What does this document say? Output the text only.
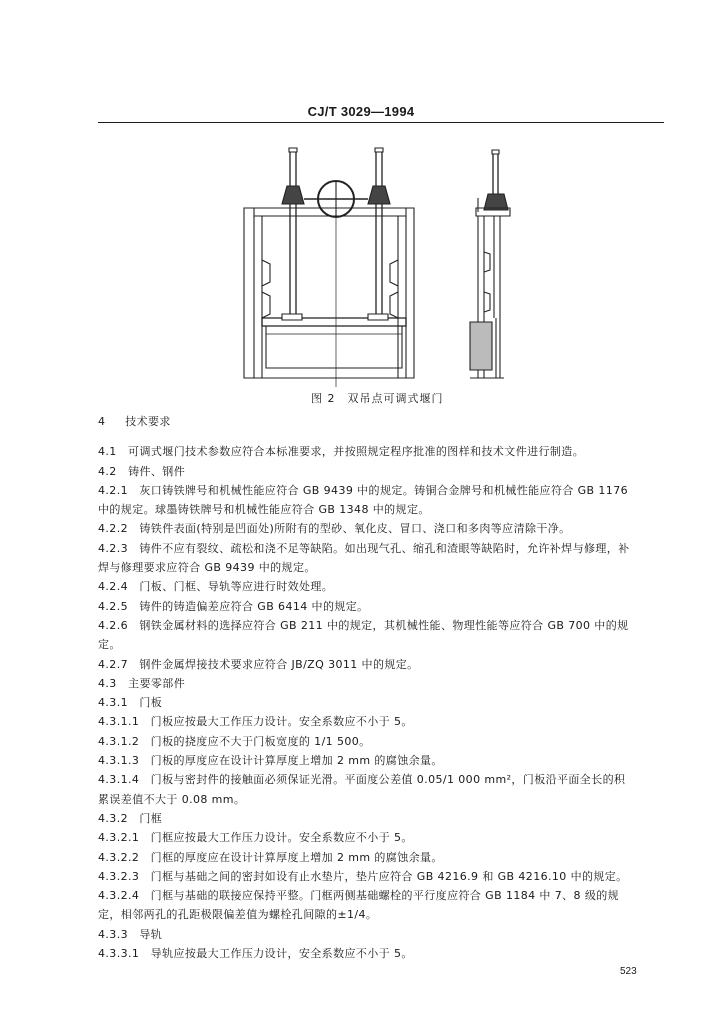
CJ/T 3029—1994
图 2　双吊点可调式堰门
4 技术要求
4.1　可调式堰门技术参数应符合本标准要求，并按照规定程序批准的图样和技术文件进行制造。
4.2　铸件、钢件
4.2.1　灰口铸铁牌号和机械性能应符合 GB 9439 中的规定。铸铜合金牌号和机械性能应符合 GB 1176
中的规定。球墨铸铁牌号和机械性能应符合 GB 1348 中的规定。
4.2.2　铸铁件表面(特别是凹面处)所附有的型砂、氧化皮、冒口、浇口和多肉等应清除干净。
4.2.3　铸件不应有裂纹、疏松和浇不足等缺陷。如出现气孔、缩孔和渣眼等缺陷时，允许补焊与修理，补
焊与修理要求应符合 GB 9439 中的规定。
4.2.4　门板、门框、导轨等应进行时效处理。
4.2.5　铸件的铸造偏差应符合 GB 6414 中的规定。
4.2.6　钢铁金属材料的选择应符合 GB 211 中的规定，其机械性能、物理性能等应符合 GB 700 中的规
定。
4.2.7　钢件金属焊接技术要求应符合 JB/ZQ 3011 中的规定。
4.3　主要零部件
4.3.1　门板
4.3.1.1　门板应按最大工作压力设计。安全系数应不小于 5。
4.3.1.2　门板的挠度应不大于门板宽度的 1/1 500。
4.3.1.3　门板的厚度应在设计计算厚度上增加 2 mm 的腐蚀余量。
4.3.1.4　门板与密封件的接触面必须保证光滑。平面度公差值 0.05/1 000 mm²，门板沿平面全长的积
累误差值不大于 0.08 mm。
4.3.2　门框
4.3.2.1　门框应按最大工作压力设计。安全系数应不小于 5。
4.3.2.2　门框的厚度应在设计计算厚度上增加 2 mm 的腐蚀余量。
4.3.2.3　门框与基础之间的密封如设有止水垫片，垫片应符合 GB 4216.9 和 GB 4216.10 中的规定。
4.3.2.4　门框与基础的联接应保持平整。门框两侧基础螺栓的平行度应符合 GB 1184 中 7、8 级的规
定，相邻两孔的孔距极限偏差值为螺栓孔间隙的±1/4。
4.3.3　导轨
4.3.3.1　导轨应按最大工作压力设计，安全系数应不小于 5。
523
